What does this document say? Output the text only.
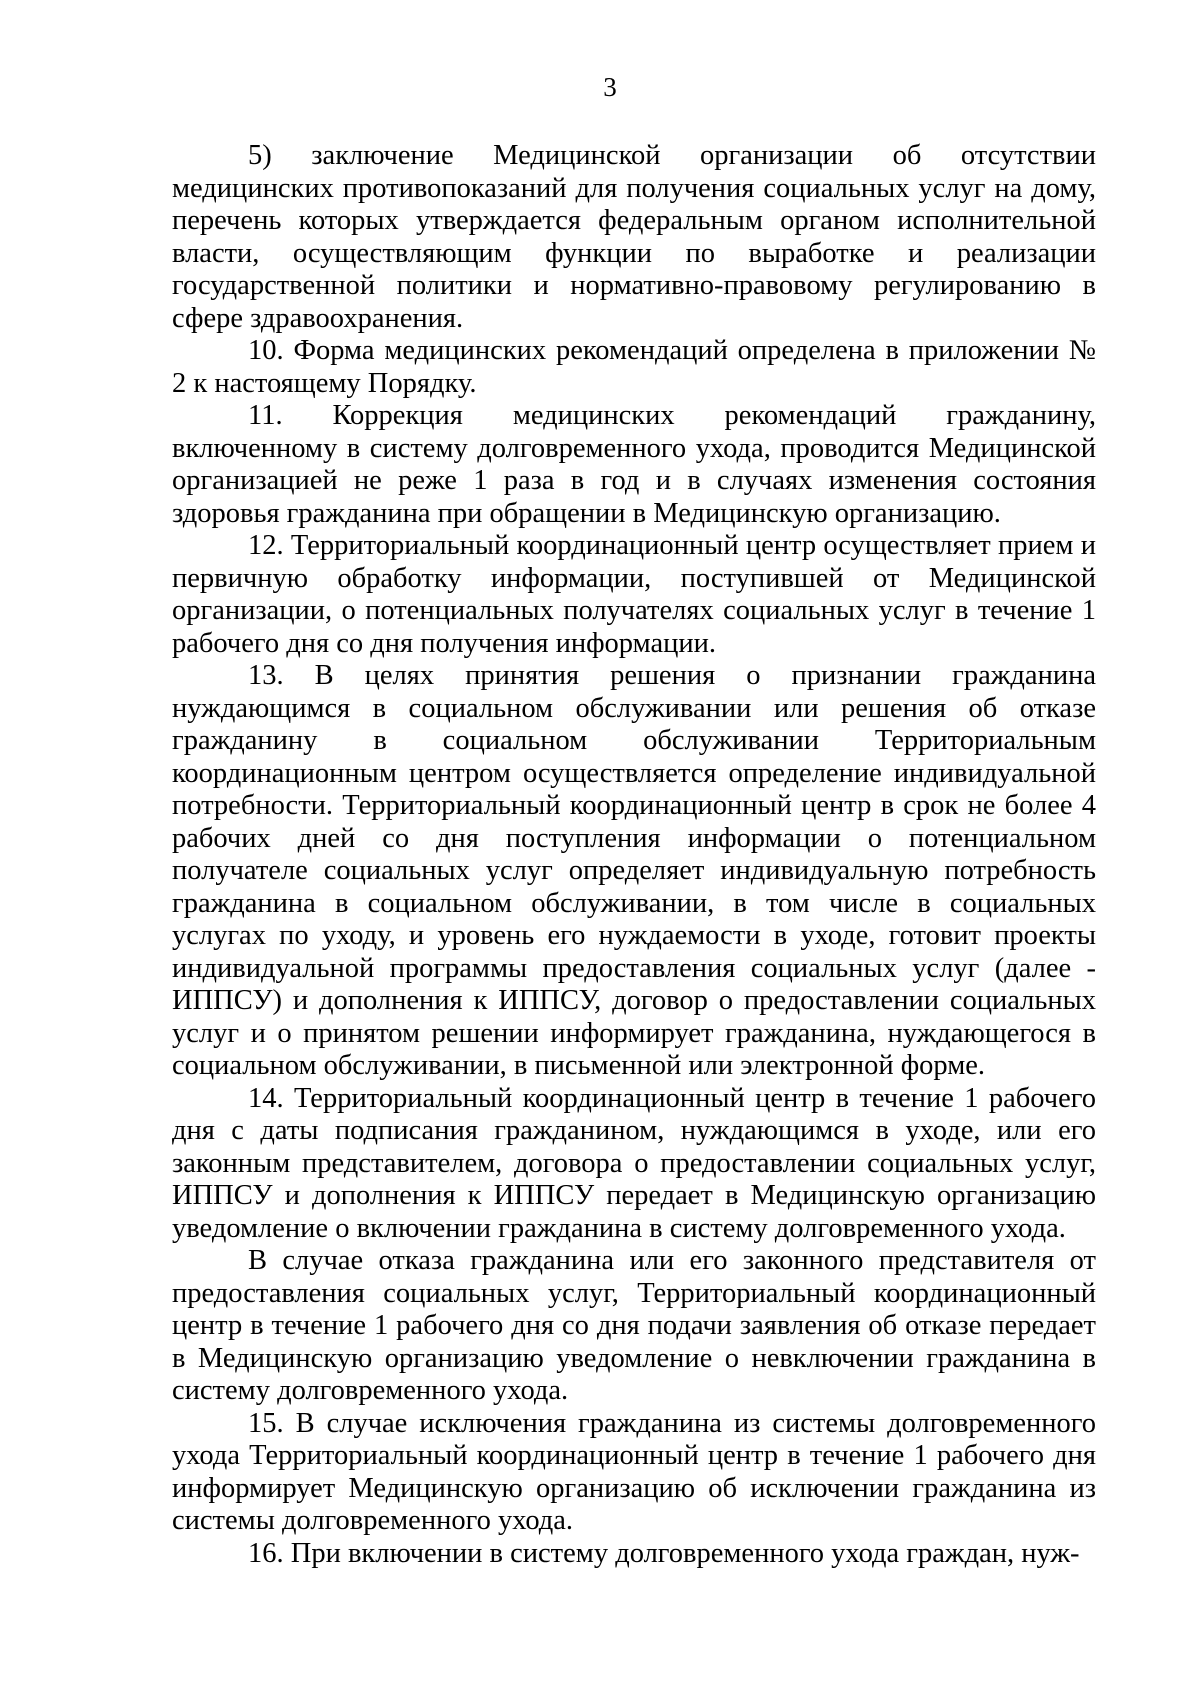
3

5) заключение Медицинской организации об отсутствии медицинских противопоказаний для получения социальных услуг на дому, перечень которых утверждается федеральным органом исполнительной власти, осуществляющим функции по выработке и реализации государственной политики и нормативно-правовому регулированию в сфере здравоохранения.

10. Форма медицинских рекомендаций определена в приложении № 2 к настоящему Порядку.

11. Коррекция медицинских рекомендаций гражданину, включенному в систему долговременного ухода, проводится Медицинской организацией не реже 1 раза в год и в случаях изменения состояния здоровья гражданина при обращении в Медицинскую организацию.

12. Территориальный координационный центр осуществляет прием и первичную обработку информации, поступившей от Медицинской организации, о потенциальных получателях социальных услуг в течение 1 рабочего дня со дня получения информации.

13. В целях принятия решения о признании гражданина нуждающимся в социальном обслуживании или решения об отказе гражданину в социальном обслуживании Территориальным координационным центром осуществляется определение индивидуальной потребности. Территориальный координационный центр в срок не более 4 рабочих дней со дня поступления информации о потенциальном получателе социальных услуг определяет индивидуальную потребность гражданина в социальном обслуживании, в том числе в социальных услугах по уходу, и уровень его нуждаемости в уходе, готовит проекты индивидуальной программы предоставления социальных услуг (далее - ИППСУ) и дополнения к ИППСУ, договор о предоставлении социальных услуг и о принятом решении информирует гражданина, нуждающегося в социальном обслуживании, в письменной или электронной форме.

14. Территориальный координационный центр в течение 1 рабочего дня с даты подписания гражданином, нуждающимся в уходе, или его законным представителем, договора о предоставлении социальных услуг, ИППСУ и дополнения к ИППСУ передает в Медицинскую организацию уведомление о включении гражданина в систему долговременного ухода.

В случае отказа гражданина или его законного представителя от предоставления социальных услуг, Территориальный координационный центр в течение 1 рабочего дня со дня подачи заявления об отказе передает в Медицинскую организацию уведомление о невключении гражданина в систему долговременного ухода.

15. В случае исключения гражданина из системы долговременного ухода Территориальный координационный центр в течение 1 рабочего дня информирует Медицинскую организацию об исключении гражданина из системы долговременного ухода.

16. При включении в систему долговременного ухода граждан, нуж-
